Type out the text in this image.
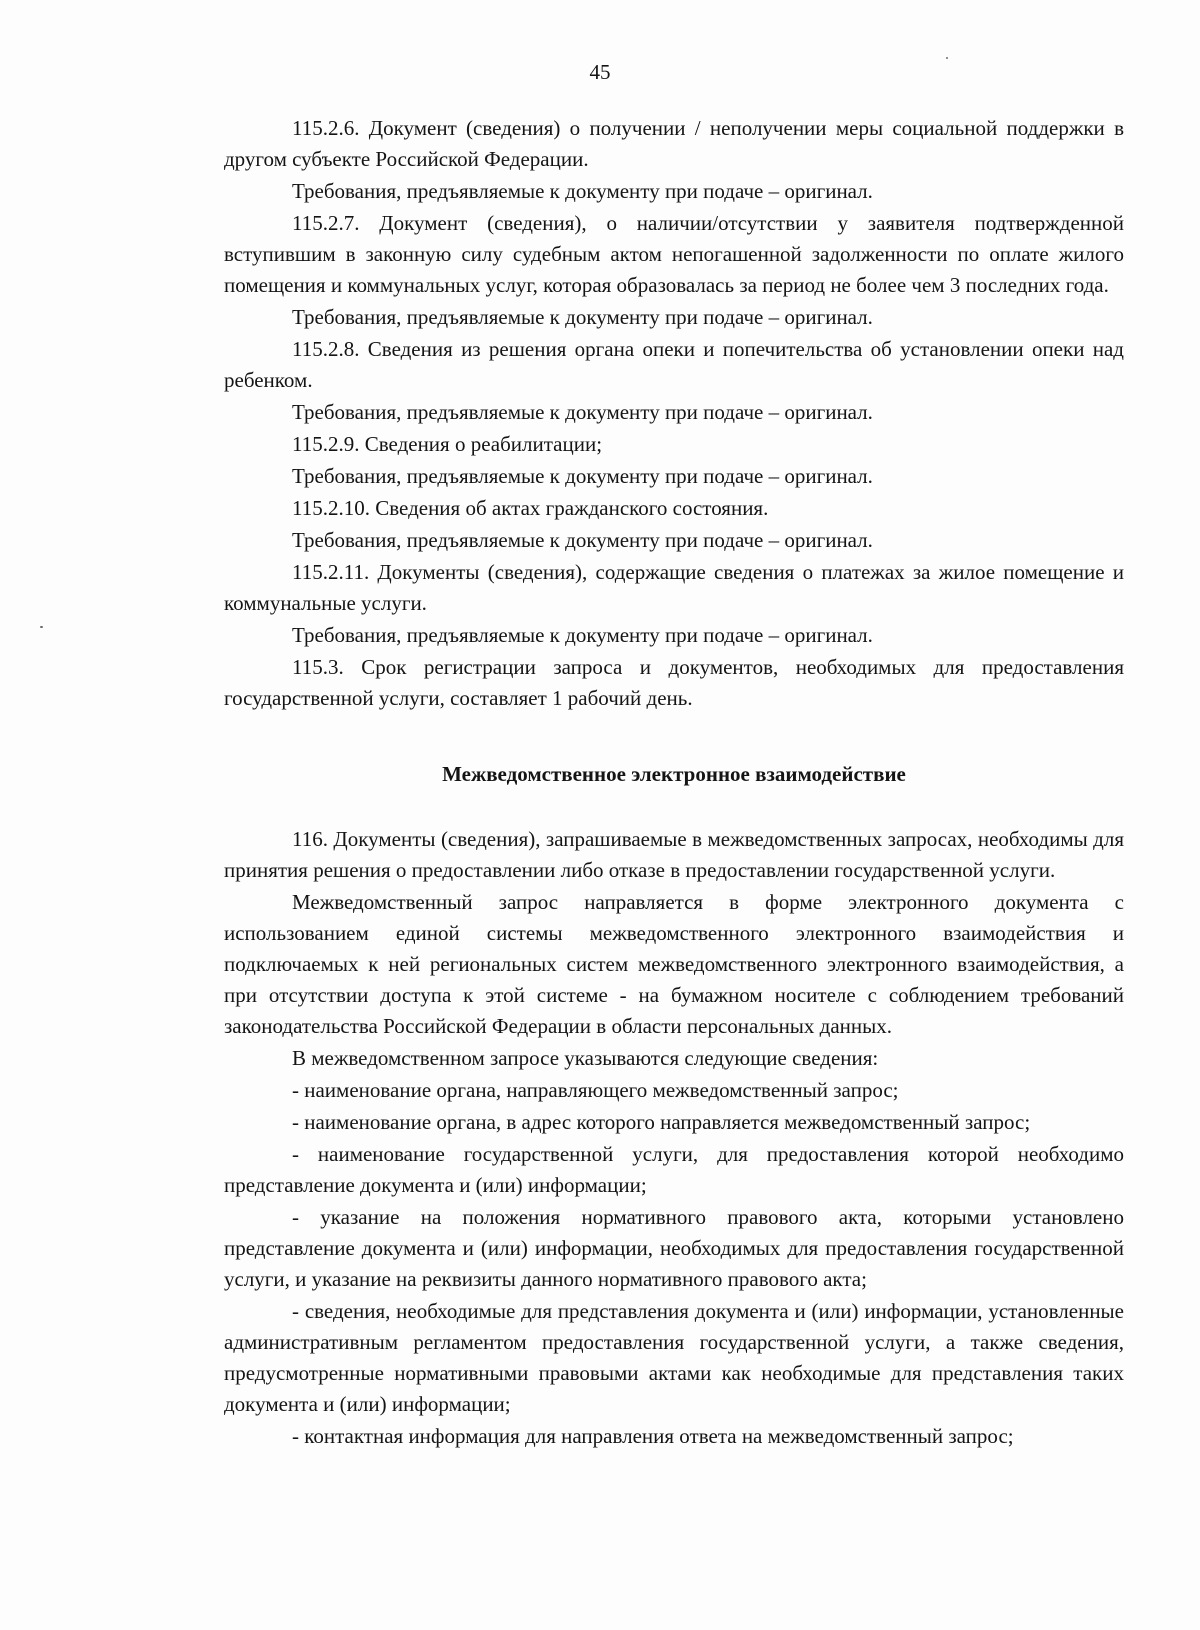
45

115.2.6. Документ (сведения) о получении / неполучении меры социальной поддержки в другом субъекте Российской Федерации.

Требования, предъявляемые к документу при подаче – оригинал.

115.2.7. Документ (сведения), о наличии/отсутствии у заявителя подтвержденной вступившим в законную силу судебным актом непогашенной задолженности по оплате жилого помещения и коммунальных услуг, которая образовалась за период не более чем 3 последних года.

Требования, предъявляемые к документу при подаче – оригинал.

115.2.8. Сведения из решения органа опеки и попечительства об установлении опеки над ребенком.

Требования, предъявляемые к документу при подаче – оригинал.

115.2.9. Сведения о реабилитации;

Требования, предъявляемые к документу при подаче – оригинал.

115.2.10. Сведения об актах гражданского состояния.

Требования, предъявляемые к документу при подаче – оригинал.

115.2.11. Документы (сведения), содержащие сведения о платежах за жилое помещение и коммунальные услуги.

Требования, предъявляемые к документу при подаче – оригинал.

115.3. Срок регистрации запроса и документов, необходимых для предоставления государственной услуги, составляет 1 рабочий день.

Межведомственное электронное взаимодействие

116. Документы (сведения), запрашиваемые в межведомственных запросах, необходимы для принятия решения о предоставлении либо отказе в предоставлении государственной услуги.

Межведомственный запрос направляется в форме электронного документа с использованием единой системы межведомственного электронного взаимодействия и подключаемых к ней региональных систем межведомственного электронного взаимодействия, а при отсутствии доступа к этой системе - на бумажном носителе с соблюдением требований законодательства Российской Федерации в области персональных данных.

В межведомственном запросе указываются следующие сведения:

- наименование органа, направляющего межведомственный запрос;

- наименование органа, в адрес которого направляется межведомственный запрос;

- наименование государственной услуги, для предоставления которой необходимо представление документа и (или) информации;

- указание на положения нормативного правового акта, которыми установлено представление документа и (или) информации, необходимых для предоставления государственной услуги, и указание на реквизиты данного нормативного правового акта;

- сведения, необходимые для представления документа и (или) информации, установленные административным регламентом предоставления государственной услуги, а также сведения, предусмотренные нормативными правовыми актами как необходимые для представления таких документа и (или) информации;

- контактная информация для направления ответа на межведомственный запрос;
